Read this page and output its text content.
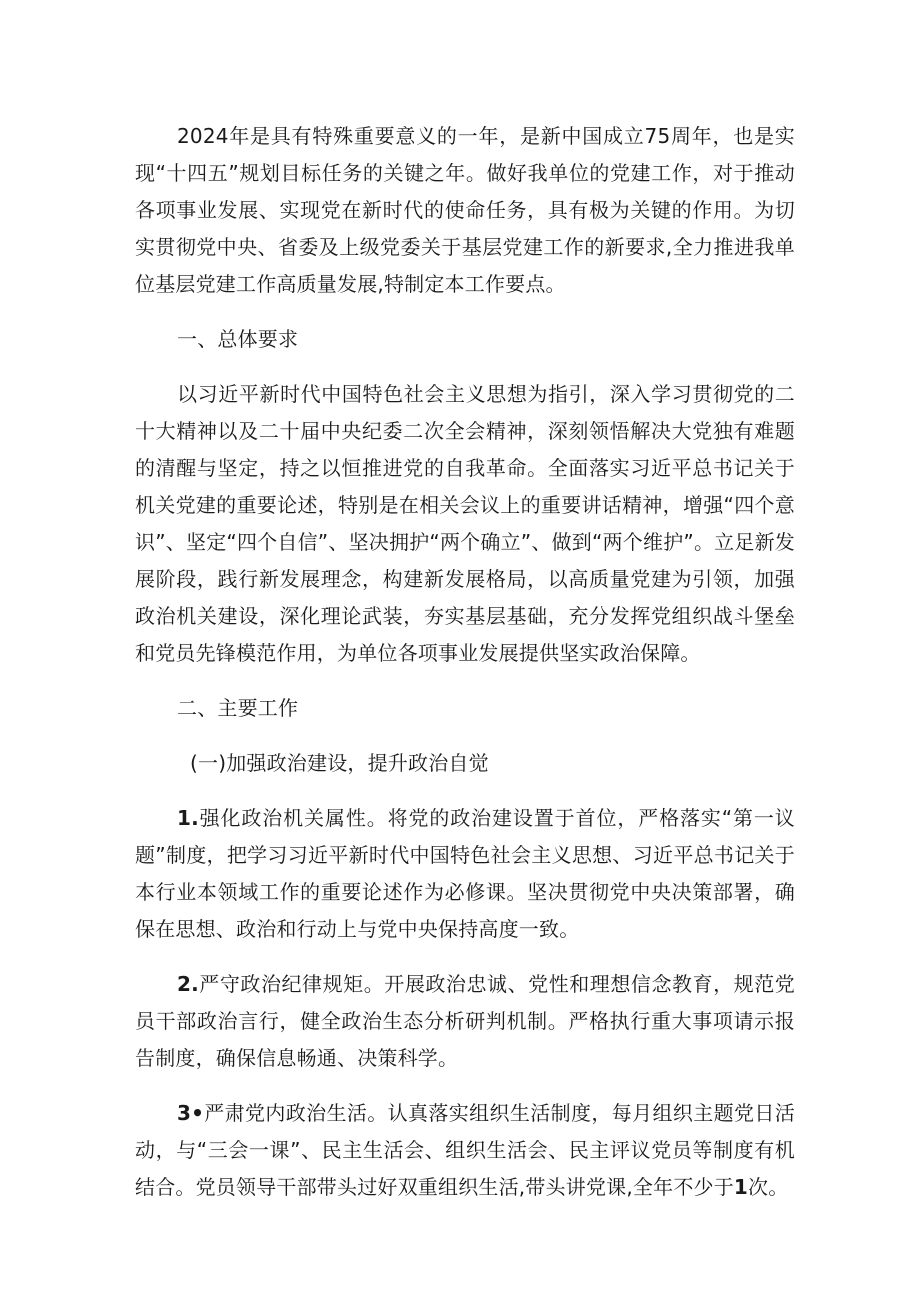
2024年是具有特殊重要意义的一年，是新中国成立75周年，也是实现“十四五”规划目标任务的关键之年。做好我单位的党建工作，对于推动各项事业发展、实现党在新时代的使命任务，具有极为关键的作用。为切实贯彻党中央、省委及上级党委关于基层党建工作的新要求,全力推进我单位基层党建工作高质量发展,特制定本工作要点。

一、总体要求

以习近平新时代中国特色社会主义思想为指引，深入学习贯彻党的二十大精神以及二十届中央纪委二次全会精神，深刻领悟解决大党独有难题的清醒与坚定，持之以恒推进党的自我革命。全面落实习近平总书记关于机关党建的重要论述，特别是在相关会议上的重要讲话精神，增强“四个意识”、坚定“四个自信”、坚决拥护“两个确立”、做到“两个维护”。立足新发展阶段，践行新发展理念，构建新发展格局，以高质量党建为引领，加强政治机关建设，深化理论武装，夯实基层基础，充分发挥党组织战斗堡垒和党员先锋模范作用，为单位各项事业发展提供坚实政治保障。

二、主要工作

(一)加强政治建设，提升政治自觉

1.强化政治机关属性。将党的政治建设置于首位，严格落实“第一议题”制度，把学习习近平新时代中国特色社会主义思想、习近平总书记关于本行业本领域工作的重要论述作为必修课。坚决贯彻党中央决策部署，确保在思想、政治和行动上与党中央保持高度一致。

2.严守政治纪律规矩。开展政治忠诚、党性和理想信念教育，规范党员干部政治言行，健全政治生态分析研判机制。严格执行重大事项请示报告制度，确保信息畅通、决策科学。

3•严肃党内政治生活。认真落实组织生活制度，每月组织主题党日活动，与“三会一课”、民主生活会、组织生活会、民主评议党员等制度有机结合。党员领导干部带头过好双重组织生活,带头讲党课,全年不少于1次。
